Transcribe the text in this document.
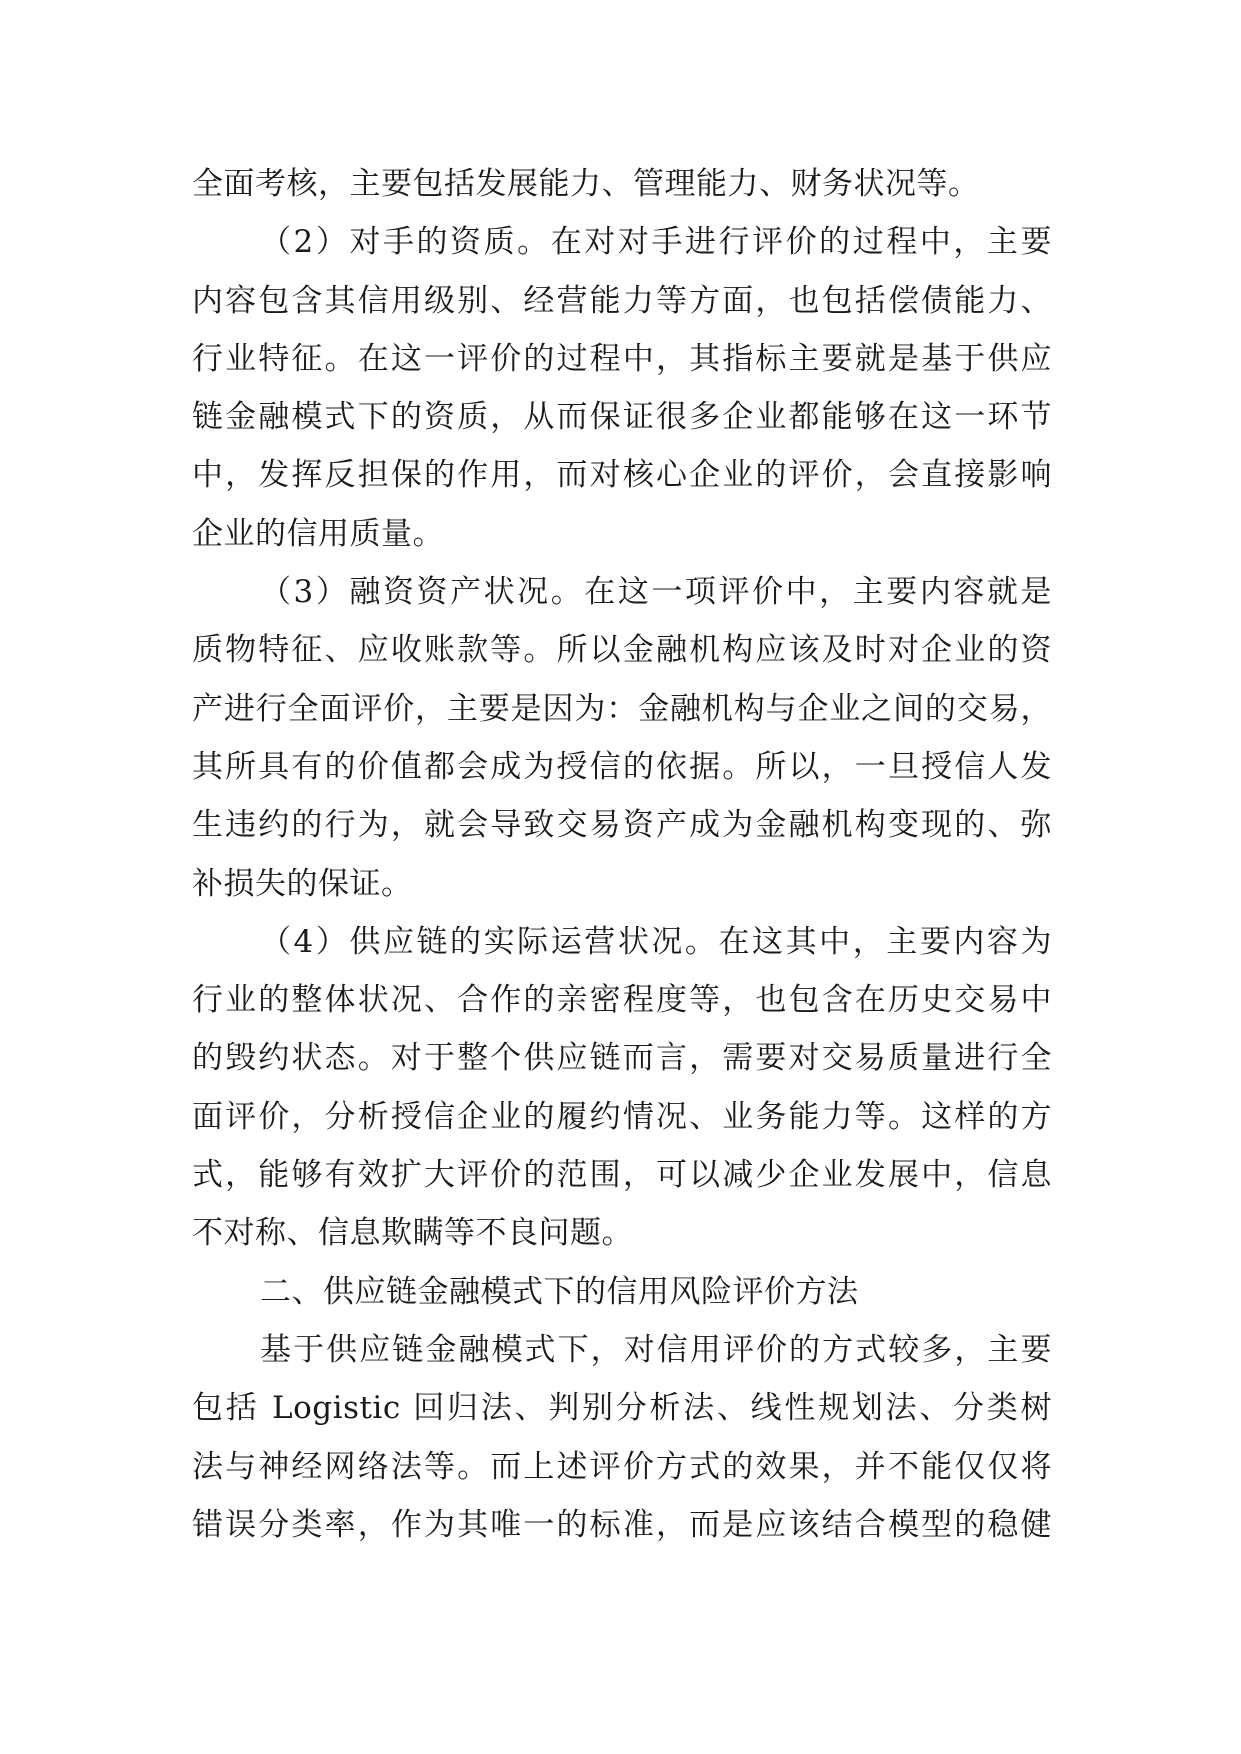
全面考核，主要包括发展能力、管理能力、财务状况等。
（2）对手的资质。在对对手进行评价的过程中，主要
内容包含其信用级别、经营能力等方面，也包括偿债能力、
行业特征。在这一评价的过程中，其指标主要就是基于供应
链金融模式下的资质，从而保证很多企业都能够在这一环节
中，发挥反担保的作用，而对核心企业的评价，会直接影响
企业的信用质量。
（3）融资资产状况。在这一项评价中，主要内容就是
质物特征、应收账款等。所以金融机构应该及时对企业的资
产进行全面评价，主要是因为：金融机构与企业之间的交易，
其所具有的价值都会成为授信的依据。所以，一旦授信人发
生违约的行为，就会导致交易资产成为金融机构变现的、弥
补损失的保证。
（4）供应链的实际运营状况。在这其中，主要内容为
行业的整体状况、合作的亲密程度等，也包含在历史交易中
的毁约状态。对于整个供应链而言，需要对交易质量进行全
面评价，分析授信企业的履约情况、业务能力等。这样的方
式，能够有效扩大评价的范围，可以减少企业发展中，信息
不对称、信息欺瞒等不良问题。
二、供应链金融模式下的信用风险评价方法
基于供应链金融模式下，对信用评价的方式较多，主要
包括 Logistic 回归法、判别分析法、线性规划法、分类树
法与神经网络法等。而上述评价方式的效果，并不能仅仅将
错误分类率，作为其唯一的标准，而是应该结合模型的稳健
